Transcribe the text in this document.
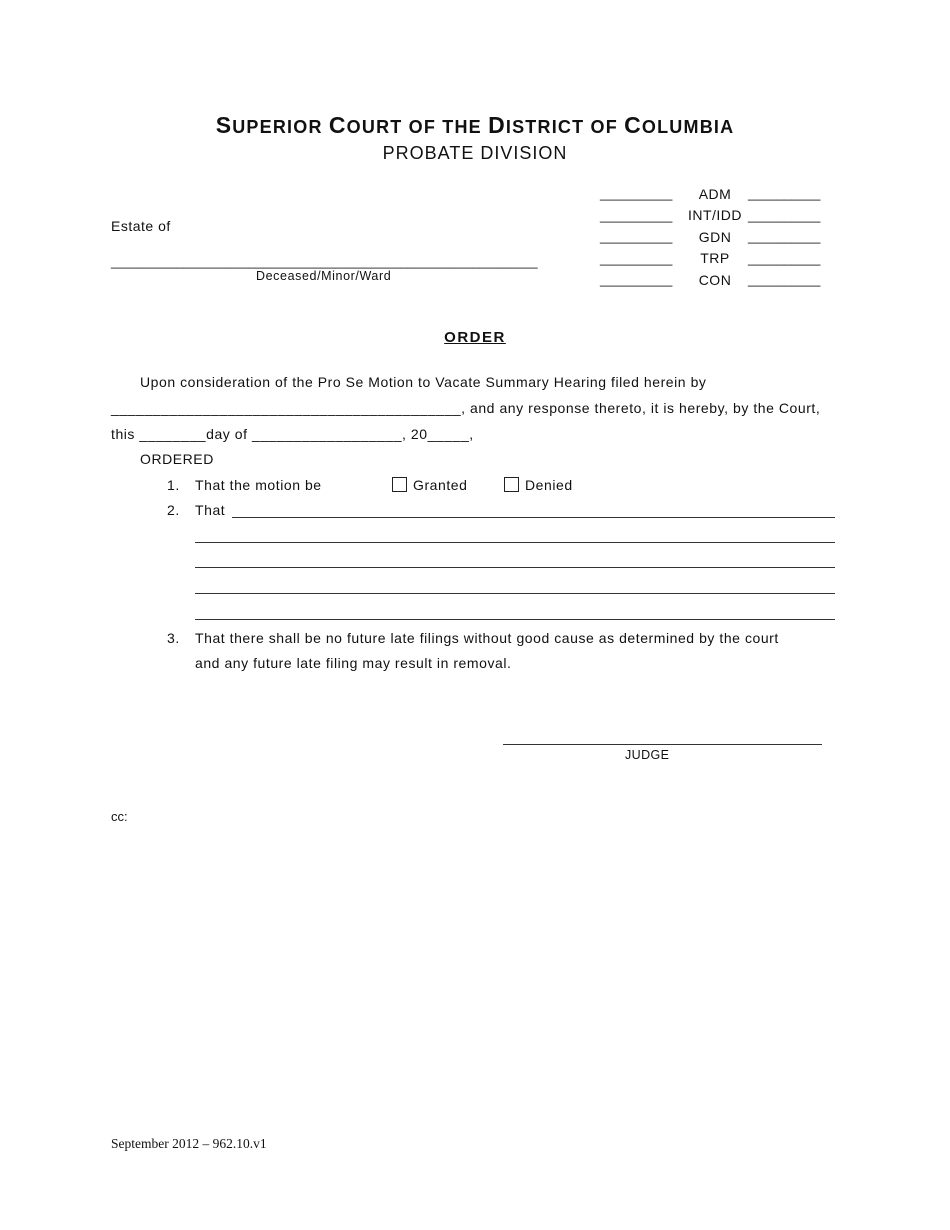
SUPERIOR COURT OF THE DISTRICT OF COLUMBIA
PROBATE DIVISION
__________	ADM	__________
__________	INT/IDD __________
__________	GDN	__________
__________	TRP	__________
__________	CON	__________
Estate of
___________________________________________________________
Deceased/Minor/Ward
ORDER
Upon consideration of the Pro Se Motion to Vacate Summary Hearing filed herein by
__________________________________________, and any response thereto, it is hereby, by the Court,
this ________day of __________________, 20_____,
ORDERED
1. That the motion be	Granted	Denied
2. That
3. That there shall be no future late filings without good cause as determined by the court
and any future late filing may result in removal.
JUDGE
cc:
September 2012 – 962.10.v1
